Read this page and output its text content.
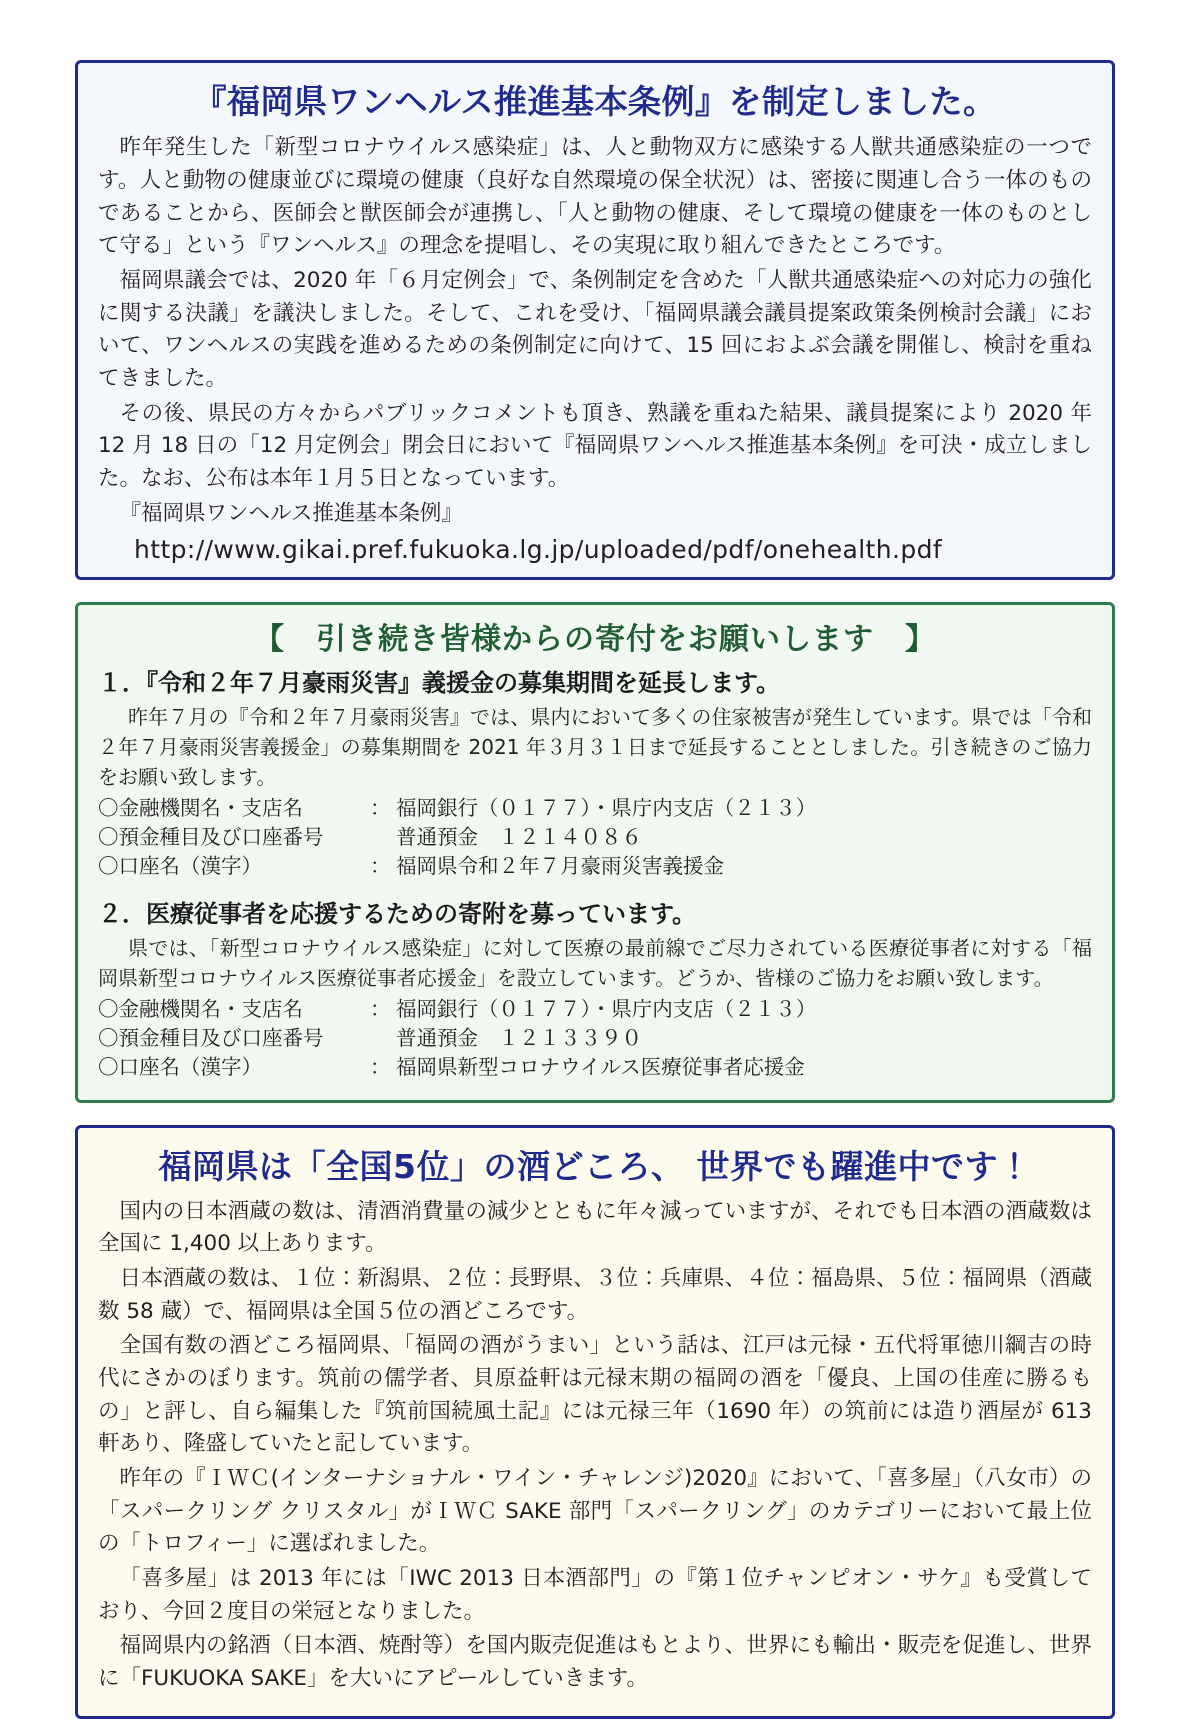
『福岡県ワンヘルス推進基本条例』を制定しました。

昨年発生した「新型コロナウイルス感染症」は、人と動物双方に感染する人獣共通感染症の一つです。人と動物の健康並びに環境の健康（良好な自然環境の保全状況）は、密接に関連し合う一体のものであることから、医師会と獣医師会が連携し、「人と動物の健康、そして環境の健康を一体のものとして守る」という『ワンヘルス』の理念を提唱し、その実現に取り組んできたところです。

福岡県議会では、2020 年「６月定例会」で、条例制定を含めた「人獣共通感染症への対応力の強化に関する決議」を議決しました。そして、これを受け、「福岡県議会議員提案政策条例検討会議」において、ワンヘルスの実践を進めるための条例制定に向けて、15 回におよぶ会議を開催し、検討を重ねてきました。

その後、県民の方々からパブリックコメントも頂き、熟議を重ねた結果、議員提案により 2020 年 12 月 18 日の「12 月定例会」閉会日において『福岡県ワンヘルス推進基本条例』を可決・成立しました。なお、公布は本年１月５日となっています。

『福岡県ワンヘルス推進基本条例』

http://www.gikai.pref.fukuoka.lg.jp/uploaded/pdf/onehealth.pdf
【　引き続き皆様からの寄付をお願いします　】
１．『令和２年７月豪雨災害』義援金の募集期間を延長します。

昨年７月の『令和２年７月豪雨災害』では、県内において多くの住家被害が発生しています。県では「令和２年７月豪雨災害義援金」の募集期間を 2021 年３月３１日まで延長することとしました。引き続きのご協力をお願い致します。

〇金融機関名・支店名	： 福岡銀行（０１７７）・県庁内支店（２１３）
〇預金種目及び口座番号	普通預金　１２１４０８６
〇口座名（漢字）	： 福岡県令和２年７月豪雨災害義援金
２．医療従事者を応援するための寄附を募っています。

県では、「新型コロナウイルス感染症」に対して医療の最前線でご尽力されている医療従事者に対する「福岡県新型コロナウイルス医療従事者応援金」を設立しています。どうか、皆様のご協力をお願い致します。

〇金融機関名・支店名	： 福岡銀行（０１７７）・県庁内支店（２１３）
〇預金種目及び口座番号	普通預金　１２１３３９０
〇口座名（漢字）	： 福岡県新型コロナウイルス医療従事者応援金
福岡県は「全国5位」の酒どころ、 世界でも躍進中です！

国内の日本酒蔵の数は、清酒消費量の減少とともに年々減っていますが、それでも日本酒の酒蔵数は全国に 1,400 以上あります。

日本酒蔵の数は、１位：新潟県、２位：長野県、３位：兵庫県、４位：福島県、５位：福岡県（酒蔵数 58 蔵）で、福岡県は全国５位の酒どころです。

全国有数の酒どころ福岡県、「福岡の酒がうまい」という話は、江戸は元禄・五代将軍徳川綱吉の時代にさかのぼります。筑前の儒学者、貝原益軒は元禄末期の福岡の酒を「優良、上国の佳産に勝るもの」と評し、自ら編集した『筑前国続風土記』には元禄三年（1690 年）の筑前には造り酒屋が 613 軒あり、隆盛していたと記しています。

昨年の『ＩＷＣ(インターナショナル・ワイン・チャレンジ)2020』において、「喜多屋」（八女市）の「スパークリング クリスタル」がＩＷＣ SAKE 部門「スパークリング」のカテゴリーにおいて最上位の「トロフィー」に選ばれました。

「喜多屋」は 2013 年には「IWC 2013 日本酒部門」の『第１位チャンピオン・サケ』も受賞しており、今回２度目の栄冠となりました。

福岡県内の銘酒（日本酒、焼酎等）を国内販売促進はもとより、世界にも輸出・販売を促進し、世界に「FUKUOKA SAKE」を大いにアピールしていきます。
